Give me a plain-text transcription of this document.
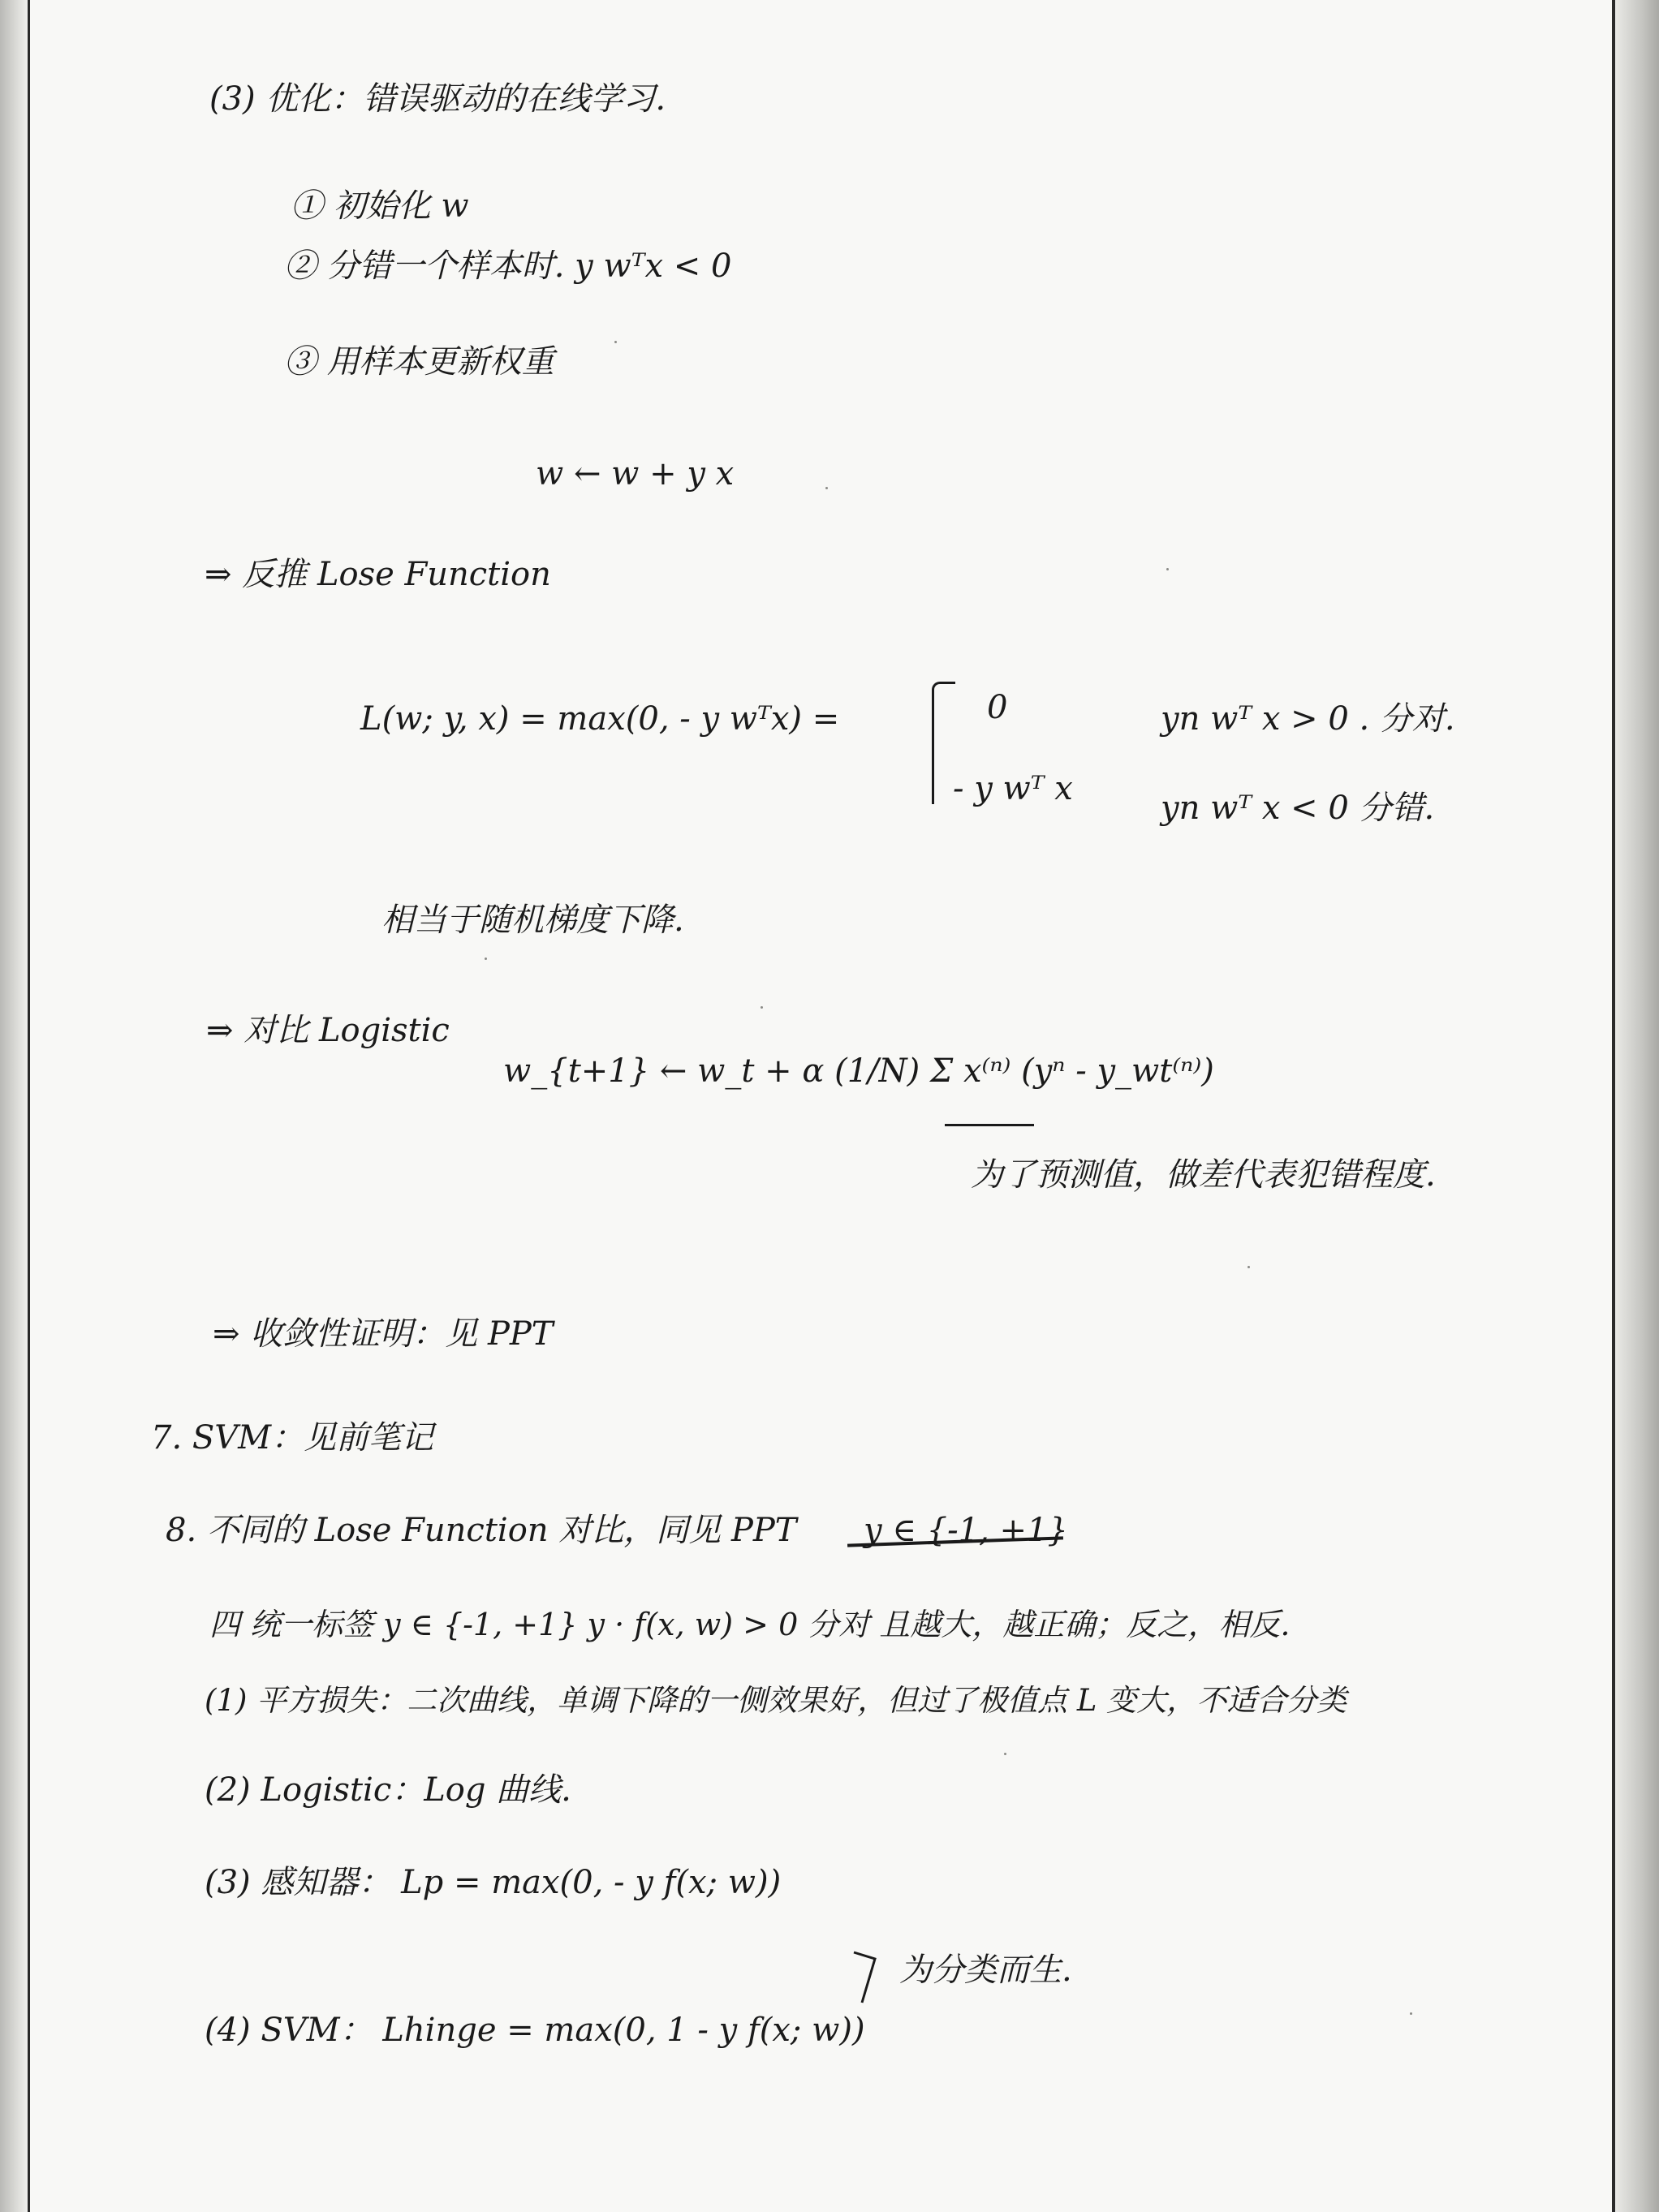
(3) 优化：错误驱动的在线学习.
① 初始化 w
② 分错一个样本时. y wᵀx < 0
③ 用样本更新权重
w ← w + y x
⇒ 反推 Lose Function
L(w; y, x) = max(0, - y wᵀx) =	0	yn wᵀ x > 0 . 分对.
- y wᵀ x
yn wᵀ x < 0 分错.
相当于随机梯度下降.
⇒ 对比 Logistic
w_{t+1} ← w_t + α (1/N) Σ x⁽ⁿ⁾ (yⁿ - y_wt⁽ⁿ⁾)
为了预测值，做差代表犯错程度.
⇒ 收敛性证明：见 PPT
7. SVM：见前笔记
8. 不同的 Lose Function 对比，同见 PPT y ∈ {-1, +1}
四 统一标签 y ∈ {-1, +1} y · f(x, w) > 0 分对 且越大，越正确；反之，相反.
(1) 平方损失：二次曲线，单调下降的一侧效果好，但过了极值点 L 变大，不适合分类
(2) Logistic：Log 曲线.
(3) 感知器： Lp = max(0, - y f(x; w))
为分类而生.
(4) SVM： Lhinge = max(0, 1 - y f(x; w))
